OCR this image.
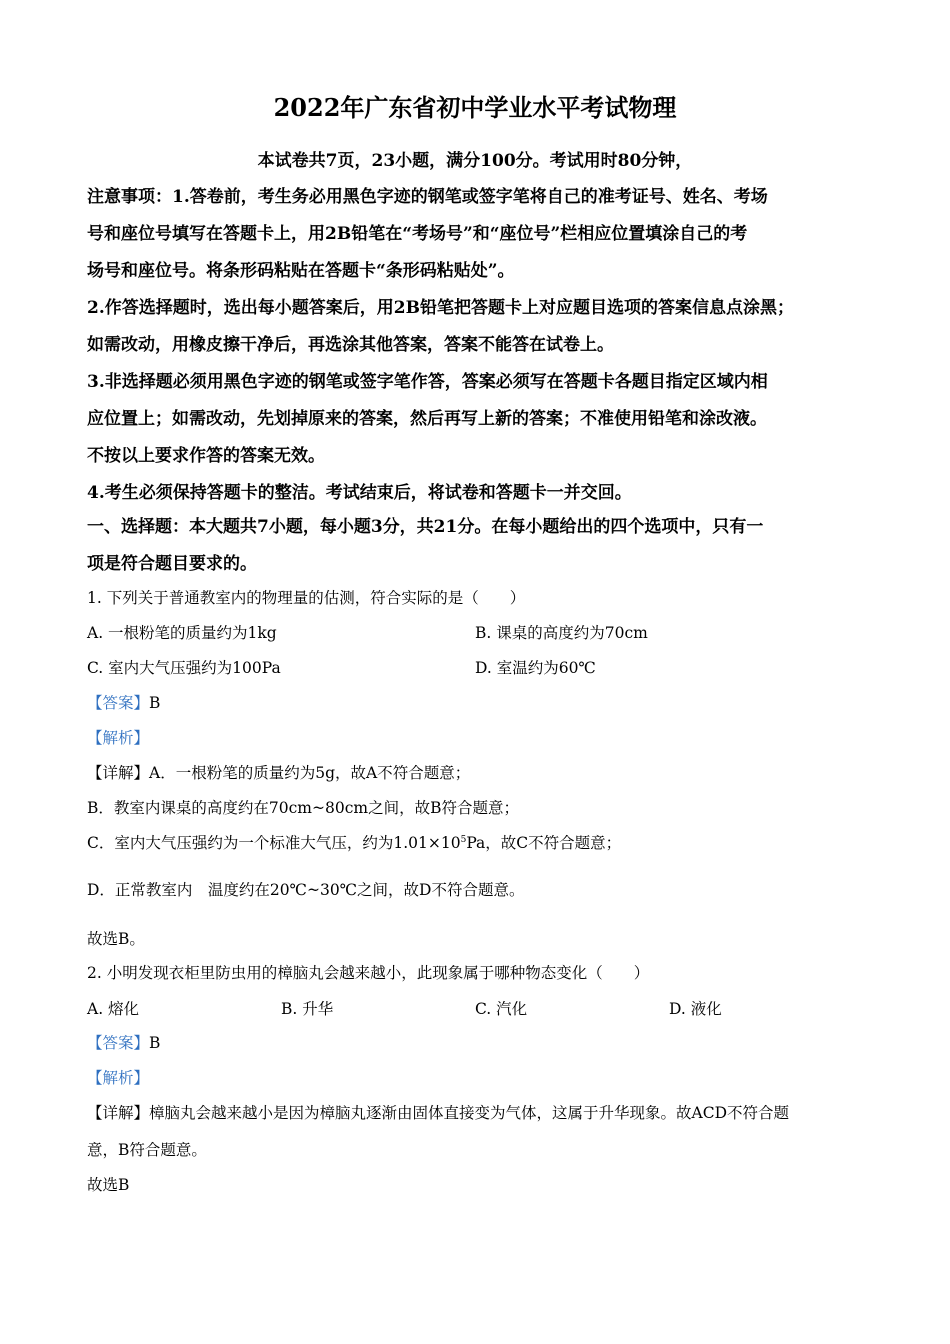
2022年广东省初中学业水平考试物理
本试卷共7页，23小题，满分100分。考试用时80分钟，
注意事项：1.答卷前，考生务必用黑色字迹的钢笔或签字笔将自己的准考证号、姓名、考场
号和座位号填写在答题卡上，用2B铅笔在“考场号”和“座位号”栏相应位置填涂自己的考
场号和座位号。将条形码粘贴在答题卡“条形码粘贴处”。
2.作答选择题时，选出每小题答案后，用2B铅笔把答题卡上对应题目选项的答案信息点涂黑；
如需改动，用橡皮擦干净后，再选涂其他答案，答案不能答在试卷上。
3.非选择题必须用黑色字迹的钢笔或签字笔作答，答案必须写在答题卡各题目指定区域内相
应位置上；如需改动，先划掉原来的答案，然后再写上新的答案；不准使用铅笔和涂改液。
不按以上要求作答的答案无效。
4.考生必须保持答题卡的整洁。考试结束后，将试卷和答题卡一并交回。
一、选择题：本大题共7小题，每小题3分，共21分。在每小题给出的四个选项中，只有一
项是符合题目要求的。
1. 下列关于普通教室内的物理量的估测，符合实际的是（　　）
A. 一根粉笔的质量约为1kg	B. 课桌的高度约为70cm
C. 室内大气压强约为100Pa	D. 室温约为60℃
【答案】B
【解析】
【详解】A．一根粉笔的质量约为5g，故A不符合题意；
B．教室内课桌的高度约在70cm~80cm之间，故B符合题意；
C．室内大气压强约为一个标准大气压，约为$1.01\times 10^5Pa$，故C不符合题意；
D．正常教室内　温度约在20℃~30℃之间，故D不符合题意。
故选B。
2. 小明发现衣柜里防虫用的樟脑丸会越来越小，此现象属于哪种物态变化（　　）
A. 熔化	B. 升华	C. 汽化	D. 液化
【答案】B
【解析】
【详解】樟脑丸会越来越小是因为樟脑丸逐渐由固体直接变为气体，这属于升华现象。故ACD不符合题
意，B符合题意。
故选B
